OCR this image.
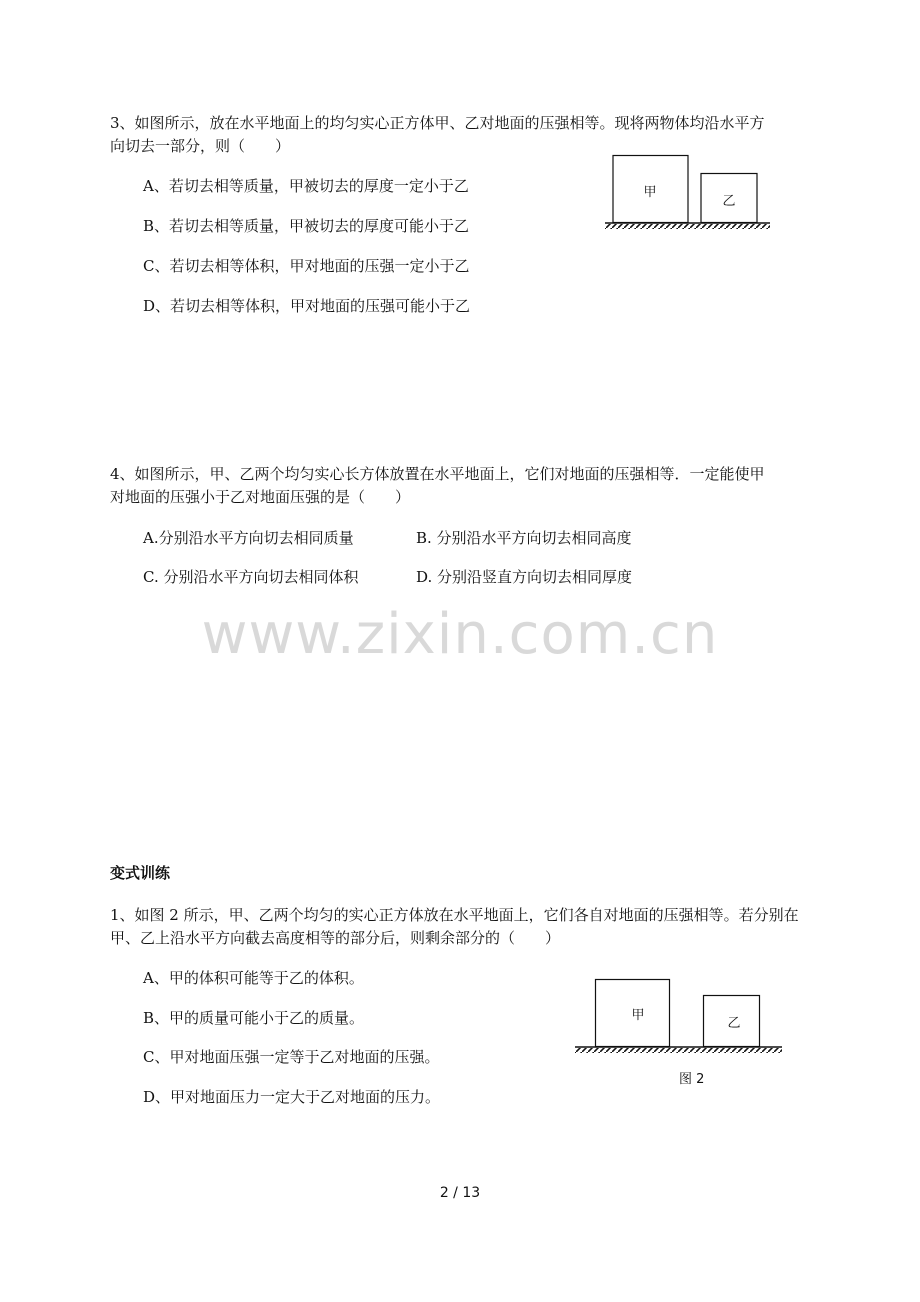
3、如图所示，放在水平地面上的均匀实心正方体甲、乙对地面的压强相等。现将两物体均沿水平方
向切去一部分，则（　　）
A、若切去相等质量，甲被切去的厚度一定小于乙
B、若切去相等质量，甲被切去的厚度可能小于乙
C、若切去相等体积，甲对地面的压强一定小于乙
D、若切去相等体积，甲对地面的压强可能小于乙
甲
乙
4、如图所示，甲、乙两个均匀实心长方体放置在水平地面上，它们对地面的压强相等．一定能使甲
对地面的压强小于乙对地面压强的是（　　）
A.分别沿水平方向切去相同质量	B. 分别沿水平方向切去相同高度
C. 分别沿水平方向切去相同体积	D. 分别沿竖直方向切去相同厚度
www.zixin.com.cn
变式训练
1、如图 2 所示，甲、乙两个均匀的实心正方体放在水平地面上，它们各自对地面的压强相等。若分别在
甲、乙上沿水平方向截去高度相等的部分后，则剩余部分的（　　）
A、甲的体积可能等于乙的体积。
B、甲的质量可能小于乙的质量。
C、甲对地面压强一定等于乙对地面的压强。
D、甲对地面压力一定大于乙对地面的压力。
甲
乙
图 2
2 / 13
